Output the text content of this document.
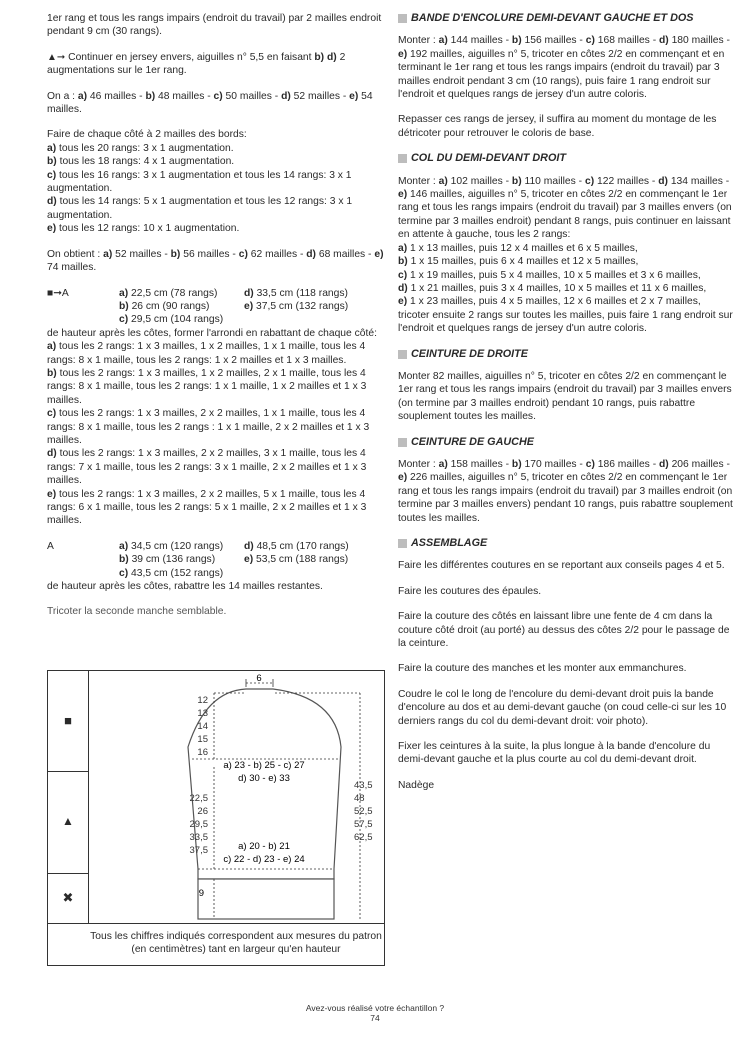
1er rang et tous les rangs impairs (endroit du travail) par 2 mailles endroit pendant 9 cm (30 rangs).

▲➞ Continuer en jersey envers, aiguilles n° 5,5 en faisant b) d) 2 augmentations sur le 1er rang.

On a : a) 46 mailles - b) 48 mailles - c) 50 mailles - d) 52 mailles - e) 54 mailles.

Faire de chaque côté à 2 mailles des bords:

a) tous les 20 rangs: 3 x 1 augmentation.
b) tous les 18 rangs: 4 x 1 augmentation.
c) tous les 16 rangs: 3 x 1 augmentation et tous les 14 rangs: 3 x 1 augmentation.
d) tous les 14 rangs: 5 x 1 augmentation et tous les 12 rangs: 3 x 1 augmentation.
e) tous les 12 rangs: 10 x 1 augmentation.

On obtient : a) 52 mailles - b) 56 mailles - c) 62 mailles - d) 68 mailles - e) 74 mailles.

■➞A	a) 22,5 cm (78 rangs)	d) 33,5 cm (118 rangs)
b) 26 cm (90 rangs)	e) 37,5 cm (132 rangs)
c) 29,5 cm (104 rangs)

de hauteur après les côtes, former l'arrondi en rabattant de chaque côté:

a) tous les 2 rangs: 1 x 3 mailles, 1 x 2 mailles, 1 x 1 maille, tous les 4 rangs: 8 x 1 maille, tous les 2 rangs: 1 x 2 mailles et 1 x 3 mailles.
b) tous les 2 rangs: 1 x 3 mailles, 1 x 2 mailles, 2 x 1 maille, tous les 4 rangs: 8 x 1 maille, tous les 2 rangs: 1 x 1 maille, 1 x 2 mailles et 1 x 3 mailles.
c) tous les 2 rangs: 1 x 3 mailles, 2 x 2 mailles, 1 x 1 maille, tous les 4 rangs: 8 x 1 maille, tous les 2 rangs : 1 x 1 maille, 2 x 2 mailles et 1 x 3 mailles.
d) tous les 2 rangs: 1 x 3 mailles, 2 x 2 mailles, 3 x 1 maille, tous les 4 rangs: 7 x 1 maille, tous les 2 rangs: 3 x 1 maille, 2 x 2 mailles et 1 x 3 mailles.
e) tous les 2 rangs: 1 x 3 mailles, 2 x 2 mailles, 5 x 1 maille, tous les 4 rangs: 6 x 1 maille, tous les 2 rangs: 5 x 1 maille, 2 x 2 mailles et 1 x 3 mailles.
A	a) 34,5 cm (120 rangs)	d) 48,5 cm (170 rangs)
b) 39 cm (136 rangs)	e) 53,5 cm (188 rangs)
c) 43,5 cm (152 rangs)

de hauteur après les côtes, rabattre les 14 mailles restantes.

Tricoter la seconde manche semblable.

■
▲
✖
6
12
13
14
15
16
a) 23 - b) 25 - c) 27
d) 30 - e) 33
22,5
26
29,5
33,5
37,5
43,5
48
52,5
57,5
62,5
a) 20 - b) 21
c) 22 - d) 23 - e) 24
9
Tous les chiffres indiqués correspondent aux mesures du patron (en centimètres) tant en largeur qu'en hauteur
BANDE D'ENCOLURE DEMI-DEVANT GAUCHE ET DOS

Monter : a) 144 mailles - b) 156 mailles - c) 168 mailles - d) 180 mailles - e) 192 mailles, aiguilles n° 5, tricoter en côtes 2/2 en commençant et en terminant le 1er rang et tous les rangs impairs (endroit du travail) par 3 mailles endroit pendant 3 cm (10 rangs), puis faire 1 rang endroit sur l'endroit et quelques rangs de jersey d'un autre coloris.

Repasser ces rangs de jersey, il suffira au moment du montage de les détricoter pour retrouver le coloris de base.

COL DU DEMI-DEVANT DROIT

Monter : a) 102 mailles - b) 110 mailles - c) 122 mailles - d) 134 mailles - e) 146 mailles, aiguilles n° 5, tricoter en côtes 2/2 en commençant le 1er rang et tous les rangs impairs (endroit du travail) par 3 mailles envers (on termine par 3 mailles endroit) pendant 8 rangs, puis continuer en laissant en attente à gauche, tous les 2 rangs:

a) 1 x 13 mailles, puis 12 x 4 mailles et 6 x 5 mailles,
b) 1 x 15 mailles, puis 6 x 4 mailles et 12 x 5 mailles,
c) 1 x 19 mailles, puis 5 x 4 mailles, 10 x 5 mailles et 3 x 6 mailles,
d) 1 x 21 mailles, puis 3 x 4 mailles, 10 x 5 mailles et 11 x 6 mailles,
e) 1 x 23 mailles, puis 4 x 5 mailles, 12 x 6 mailles et 2 x 7 mailles,

tricoter ensuite 2 rangs sur toutes les mailles, puis faire 1 rang endroit sur l'endroit et quelques rangs de jersey d'un autre coloris.

CEINTURE DE DROITE

Monter 82 mailles, aiguilles n° 5, tricoter en côtes 2/2 en commençant le 1er rang et tous les rangs impairs (endroit du travail) par 3 mailles envers (on termine par 3 mailles endroit) pendant 10 rangs, puis rabattre souplement toutes les mailles.

CEINTURE DE GAUCHE

Monter : a) 158 mailles - b) 170 mailles - c) 186 mailles - d) 206 mailles - e) 226 mailles, aiguilles n° 5, tricoter en côtes 2/2 en commençant le 1er rang et tous les rangs impairs (endroit du travail) par 3 mailles endroit (on termine par 3 mailles envers) pendant 10 rangs, puis rabattre souplement toutes les mailles.

ASSEMBLAGE

Faire les différentes coutures en se reportant aux conseils pages 4 et 5.

Faire les coutures des épaules.

Faire la couture des côtés en laissant libre une fente de 4 cm dans la couture côté droit (au porté) au dessus des côtes 2/2 pour le passage de la ceinture.

Faire la couture des manches et les monter aux emmanchures.

Coudre le col le long de l'encolure du demi-devant droit puis la bande d'encolure au dos et au demi-devant gauche (on coud celle-ci sur les 10 derniers rangs du col du demi-devant droit: voir photo).

Fixer les ceintures à la suite, la plus longue à la bande d'encolure du demi-devant gauche et la plus courte au col du demi-devant droit.

Nadège

Avez-vous réalisé votre échantillon ?
74
